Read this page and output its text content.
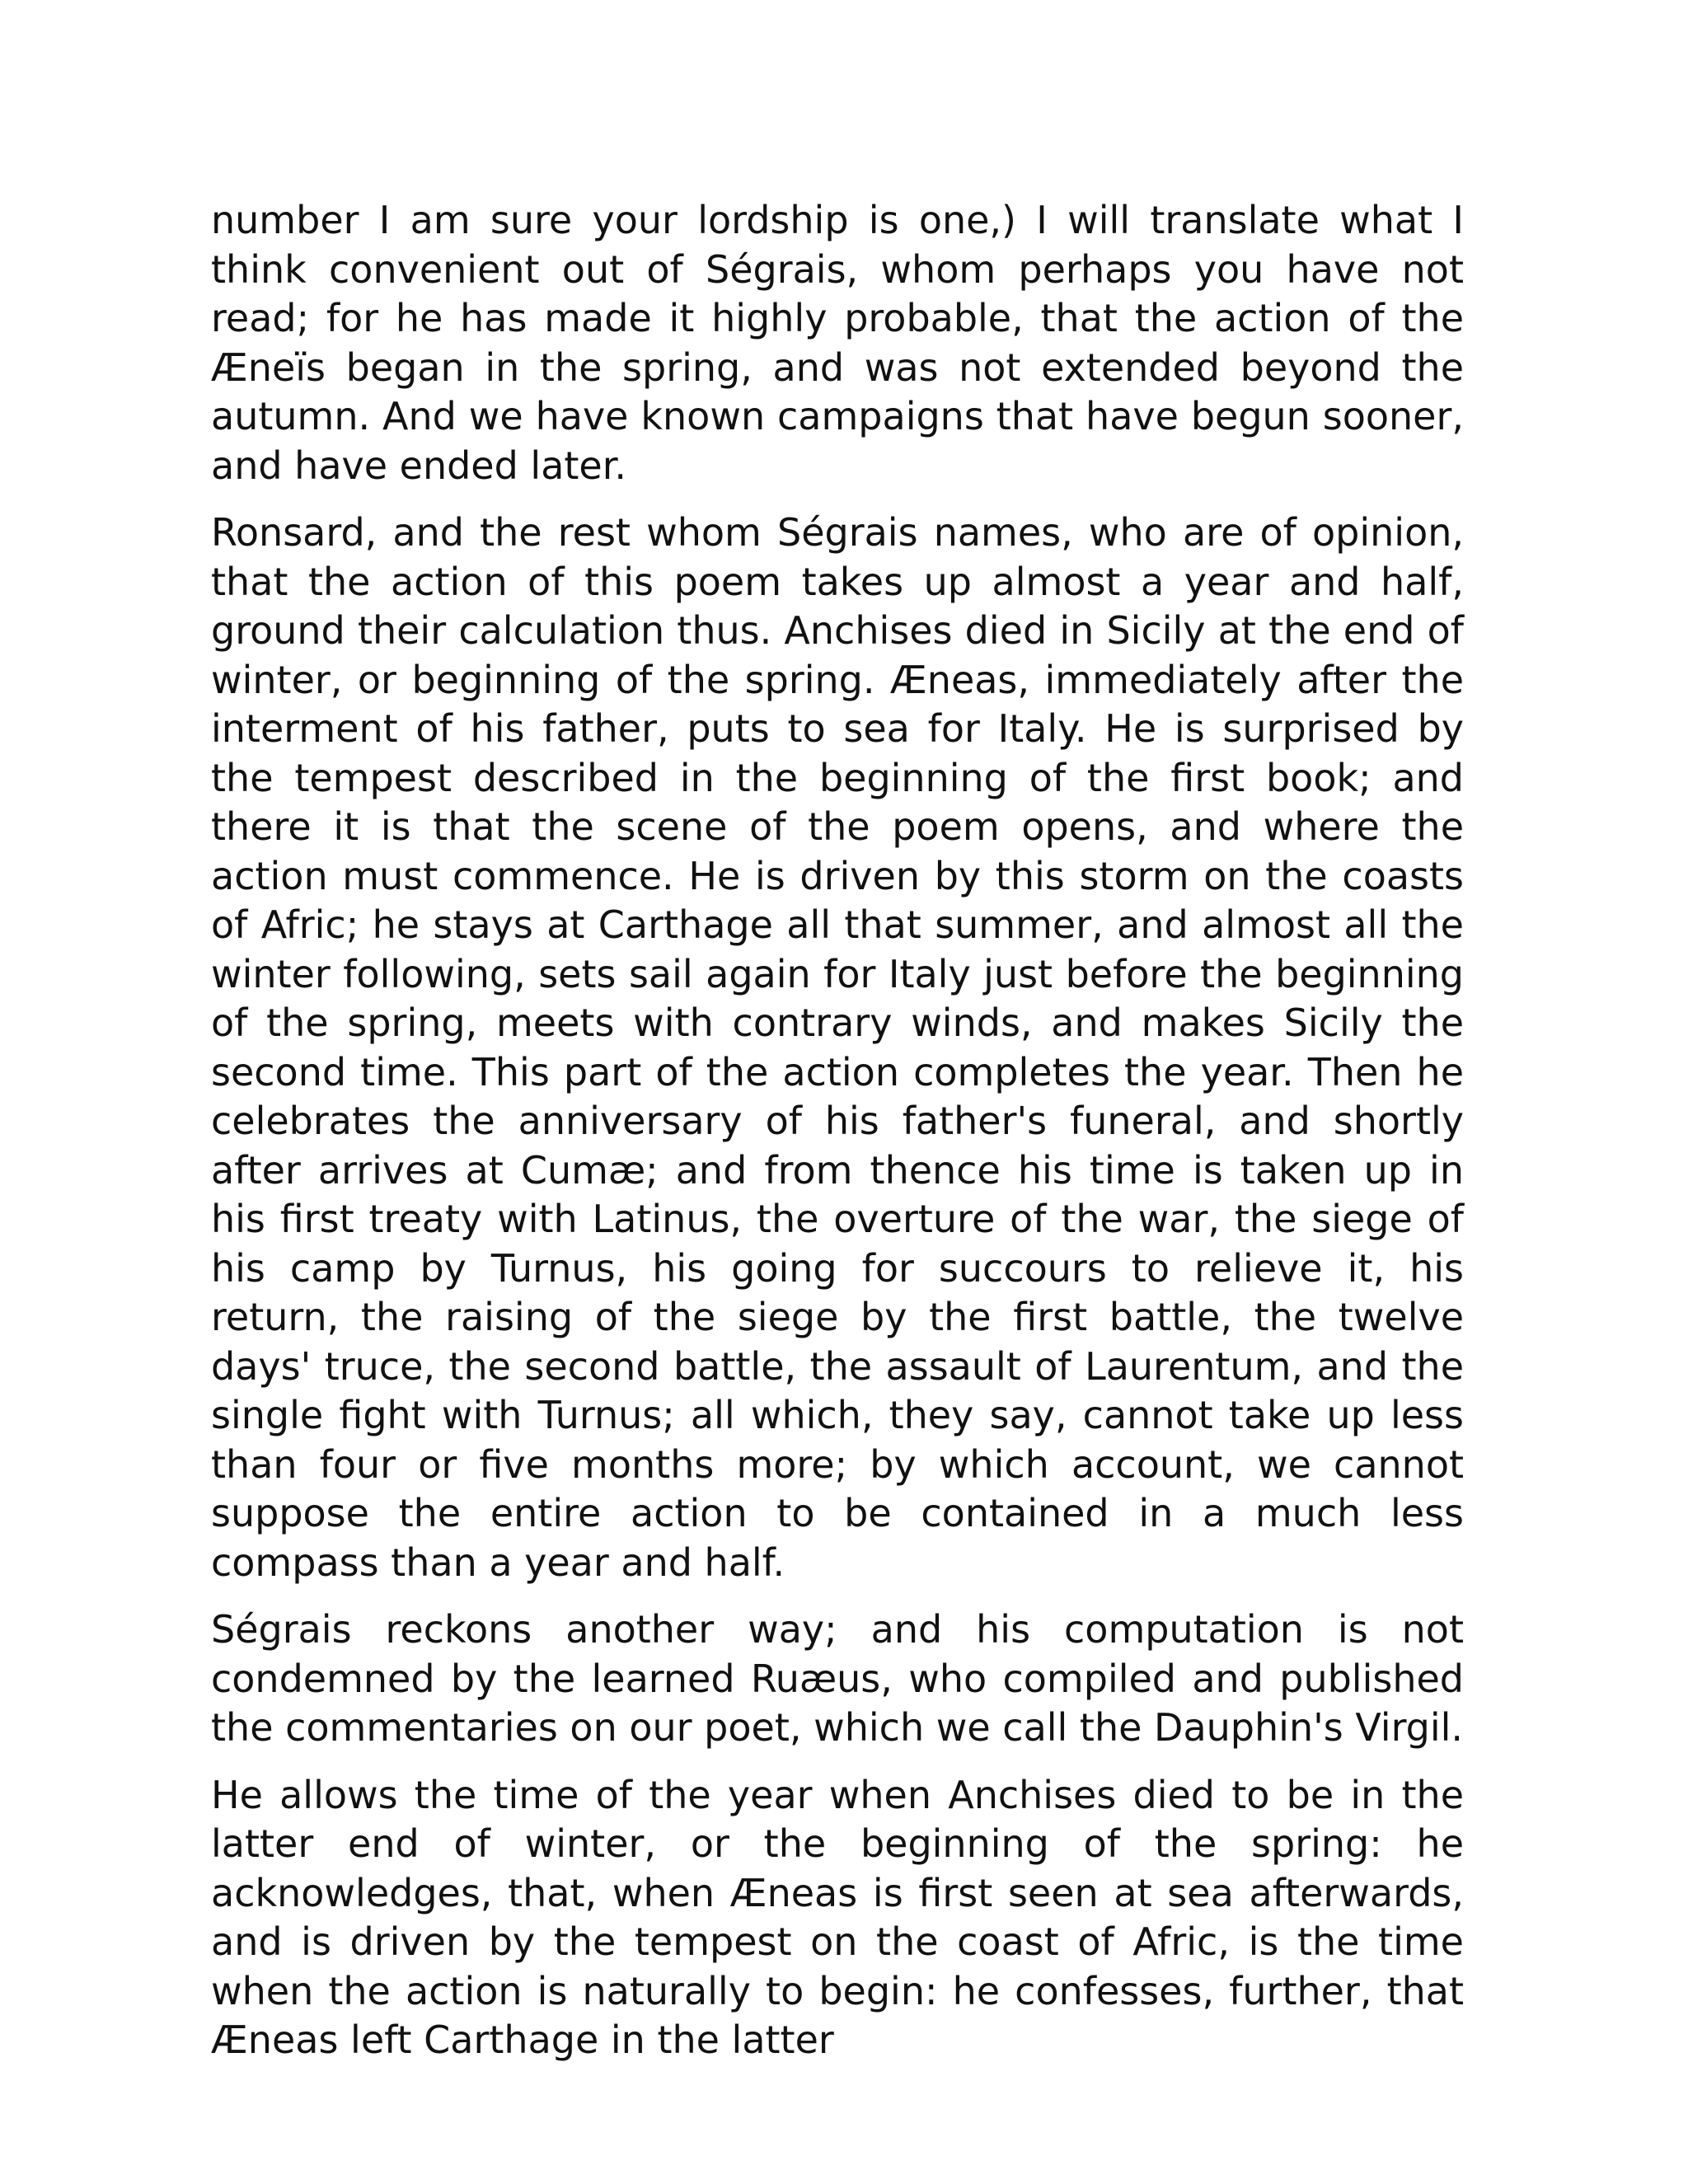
number I am sure your lordship is one,) I will translate what I think convenient out of Ségrais, whom perhaps you have not read; for he has made it highly probable, that the action of the Æneïs began in the spring, and was not extended beyond the autumn. And we have known campaigns that have begun sooner, and have ended later.

Ronsard, and the rest whom Ségrais names, who are of opinion, that the action of this poem takes up almost a year and half, ground their calculation thus. Anchises died in Sicily at the end of winter, or beginning of the spring. Æneas, immediately after the interment of his father, puts to sea for Italy. He is surprised by the tempest described in the beginning of the first book; and there it is that the scene of the poem opens, and where the action must commence. He is driven by this storm on the coasts of Afric; he stays at Carthage all that summer, and almost all the winter following, sets sail again for Italy just before the beginning of the spring, meets with contrary winds, and makes Sicily the second time. This part of the action completes the year. Then he celebrates the anniversary of his father's funeral, and shortly after arrives at Cumæ; and from thence his time is taken up in his first treaty with Latinus, the overture of the war, the siege of his camp by Turnus, his going for succours to relieve it, his return, the raising of the siege by the first battle, the twelve days' truce, the second battle, the assault of Laurentum, and the single fight with Turnus; all which, they say, cannot take up less than four or five months more; by which account, we cannot suppose the entire action to be contained in a much less compass than a year and half.

Ségrais reckons another way; and his computation is not condemned by the learned Ruæus, who compiled and published the commentaries on our poet, which we call the Dauphin's Virgil.

He allows the time of the year when Anchises died to be in the latter end of winter, or the beginning of the spring: he acknowledges, that, when Æneas is first seen at sea afterwards, and is driven by the tempest on the coast of Afric, is the time when the action is naturally to begin: he confesses, further, that Æneas left Carthage in the latter
